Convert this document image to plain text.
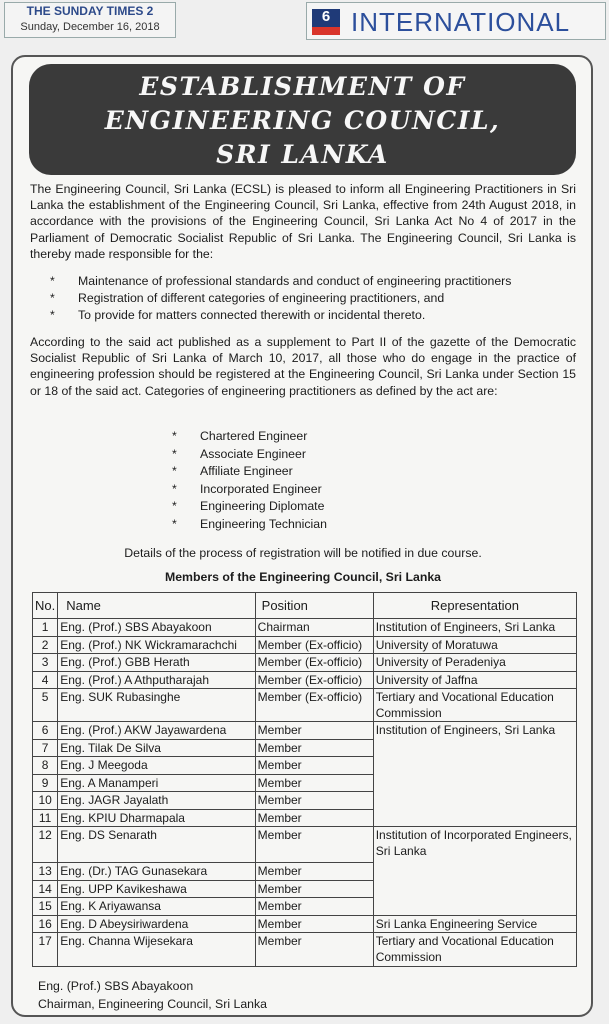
THE SUNDAY TIMES 2
Sunday, December 16, 2018
6 INTERNATIONAL
ESTABLISHMENT OF
ENGINEERING COUNCIL,
SRI LANKA

The Engineering Council, Sri Lanka (ECSL) is pleased to inform all Engineering Practitioners in Sri Lanka the establishment of the Engineering Council, Sri Lanka, effective from 24th August 2018, in accordance with the provisions of the Engineering Council, Sri Lanka Act No 4 of 2017 in the Parliament of Democratic Socialist Republic of Sri Lanka. The Engineering Council, Sri Lanka is thereby made responsible for the:

* Maintenance of professional standards and conduct of engineering practitioners
* Registration of different categories of engineering practitioners, and
* To provide for matters connected therewith or incidental thereto.

According to the said act published as a supplement to Part II of the gazette of the Democratic Socialist Republic of Sri Lanka of March 10, 2017, all those who do engage in the practice of engineering profession should be registered at the Engineering Council, Sri Lanka under Section 15 or 18 of the said act. Categories of engineering practitioners as defined by the act are:

* Chartered Engineer
* Associate Engineer
* Affiliate Engineer
* Incorporated Engineer
* Engineering Diplomate
* Engineering Technician
Details of the process of registration will be notified in due course.
Members of the Engineering Council, Sri Lanka
No.	Name	Position	Representation
1	Eng. (Prof.) SBS Abayakoon	Chairman	Institution of Engineers, Sri Lanka
2	Eng. (Prof.) NK Wickramarachchi	Member (Ex-officio)	University of Moratuwa
3	Eng. (Prof.) GBB Herath	Member (Ex-officio)	University of Peradeniya
4	Eng. (Prof.) A Athputharajah	Member (Ex-officio)	University of Jaffna
5	Eng. SUK Rubasinghe	Member (Ex-officio)	Tertiary and Vocational Education Commission
6	Eng. (Prof.) AKW Jayawardena	Member	Institution of Engineers, Sri Lanka
7	Eng. Tilak De Silva	Member	
8	Eng. J Meegoda	Member	
9	Eng. A Manamperi	Member	
10	Eng. JAGR Jayalath	Member	
11	Eng. KPIU Dharmapala	Member	
12	Eng. DS Senarath	Member	Institution of Incorporated Engineers, Sri Lanka
13	Eng. (Dr.) TAG Gunasekara	Member	
14	Eng. UPP Kavikeshawa	Member	
15	Eng. K Ariyawansa	Member	
16	Eng. D Abeysiriwardena	Member	Sri Lanka Engineering Service
17	Eng. Channa Wijesekara	Member	Tertiary and Vocational Education Commission
Eng. (Prof.) SBS Abayakoon
Chairman, Engineering Council, Sri Lanka
